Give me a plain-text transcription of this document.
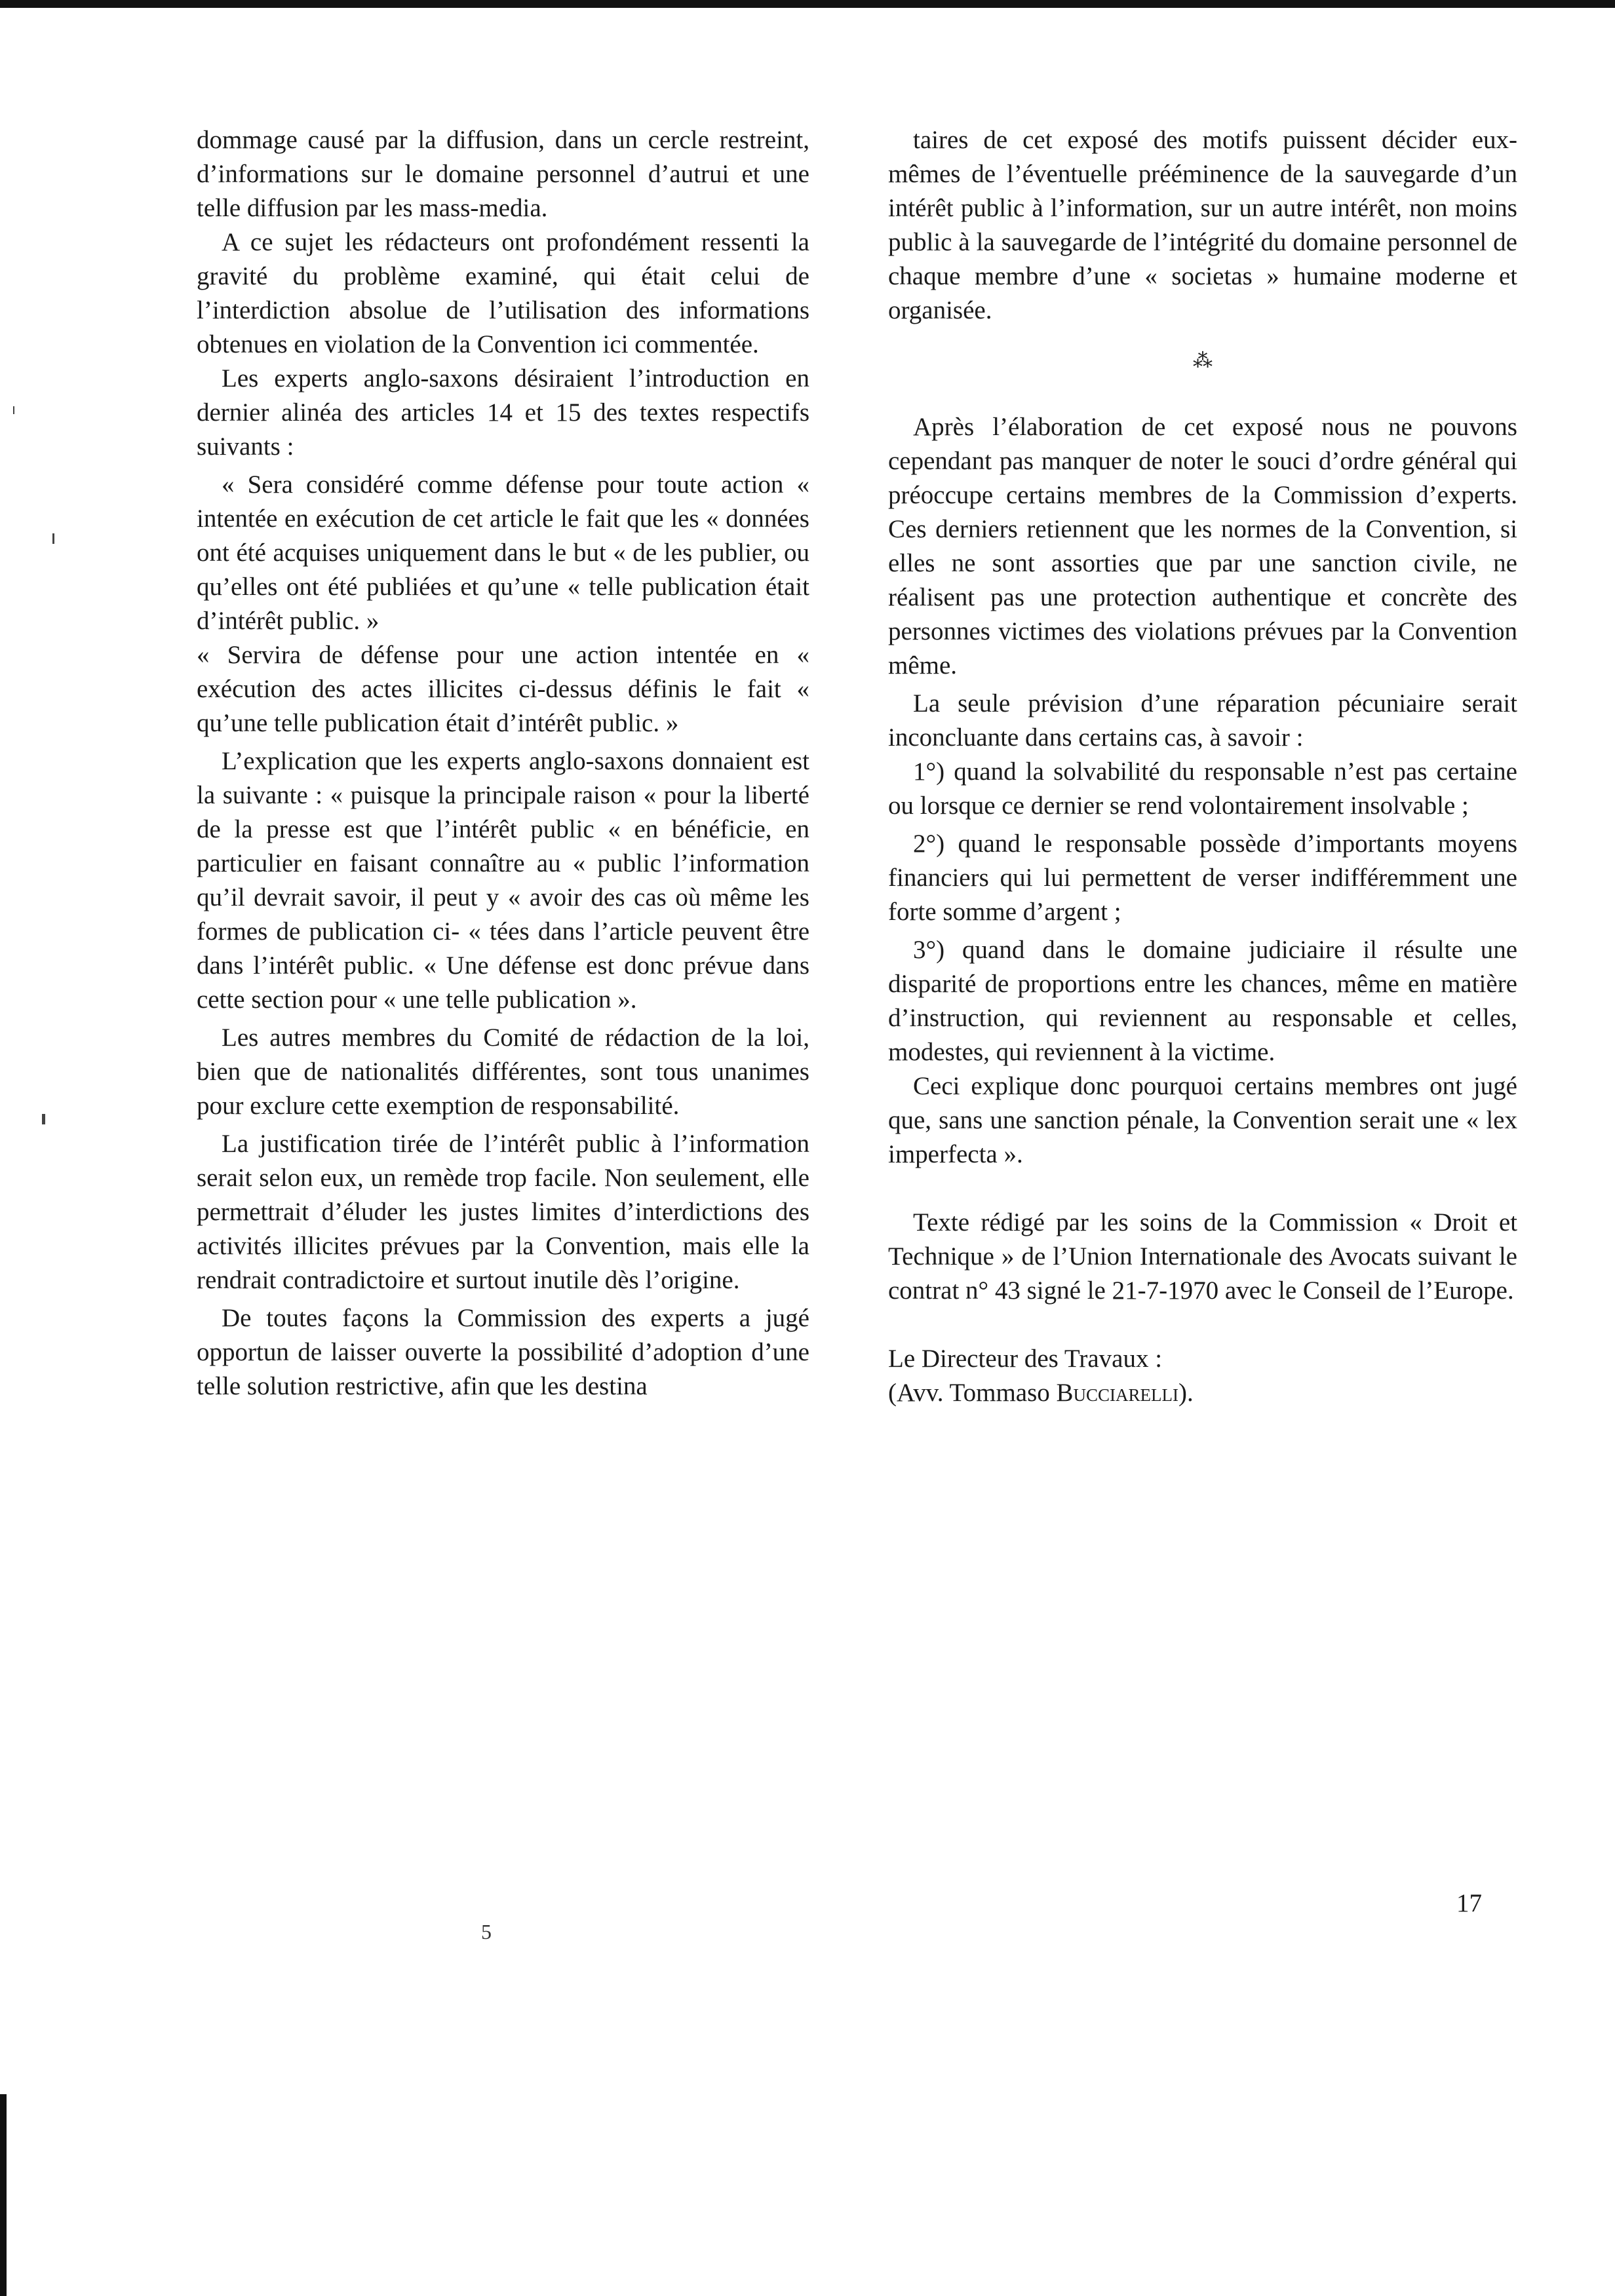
dommage causé par la diffusion, dans un cercle restreint, d’informations sur le domaine personnel d’autrui et une telle diffusion par les mass-media.

A ce sujet les rédacteurs ont profondément ressenti la gravité du problème examiné, qui était celui de l’interdiction absolue de l’utilisation des informations obtenues en violation de la Convention ici commentée.

Les experts anglo-saxons désiraient l’introduction en dernier alinéa des articles 14 et 15 des textes respectifs suivants :

« Sera considéré comme défense pour toute action « intentée en exécution de cet article le fait que les « données ont été acquises uniquement dans le but « de les publier, ou qu’elles ont été publiées et qu’une « telle publication était d’intérêt public. »

« Servira de défense pour une action intentée en « exécution des actes illicites ci-dessus définis le fait « qu’une telle publication était d’intérêt public. »

L’explication que les experts anglo-saxons donnaient est la suivante : « puisque la principale raison « pour la liberté de la presse est que l’intérêt public « en bénéficie, en particulier en faisant connaître au « public l’information qu’il devrait savoir, il peut y « avoir des cas où même les formes de publication ci- « tées dans l’article peuvent être dans l’intérêt public. « Une défense est donc prévue dans cette section pour « une telle publication ».

Les autres membres du Comité de rédaction de la loi, bien que de nationalités différentes, sont tous unanimes pour exclure cette exemption de responsabilité.

La justification tirée de l’intérêt public à l’information serait selon eux, un remède trop facile. Non seulement, elle permettrait d’éluder les justes limites d’interdictions des activités illicites prévues par la Convention, mais elle la rendrait contradictoire et surtout inutile dès l’origine.

De toutes façons la Commission des experts a jugé opportun de laisser ouverte la possibilité d’adoption d’une telle solution restrictive, afin que les destina

taires de cet exposé des motifs puissent décider eux-mêmes de l’éventuelle prééminence de la sauvegarde d’un intérêt public à l’information, sur un autre intérêt, non moins public à la sauvegarde de l’intégrité du domaine personnel de chaque membre d’une « societas » humaine moderne et organisée.

⁂

Après l’élaboration de cet exposé nous ne pouvons cependant pas manquer de noter le souci d’ordre général qui préoccupe certains membres de la Commission d’experts. Ces derniers retiennent que les normes de la Convention, si elles ne sont assorties que par une sanction civile, ne réalisent pas une protection authentique et concrète des personnes victimes des violations prévues par la Convention même.

La seule prévision d’une réparation pécuniaire serait inconcluante dans certains cas, à savoir :

1°) quand la solvabilité du responsable n’est pas certaine ou lorsque ce dernier se rend volontairement insolvable ;

2°) quand le responsable possède d’importants moyens financiers qui lui permettent de verser indifféremment une forte somme d’argent ;

3°) quand dans le domaine judiciaire il résulte une disparité de proportions entre les chances, même en matière d’instruction, qui reviennent au responsable et celles, modestes, qui reviennent à la victime.

Ceci explique donc pourquoi certains membres ont jugé que, sans une sanction pénale, la Convention serait une « lex imperfecta ».

Texte rédigé par les soins de la Commission « Droit et Technique » de l’Union Internationale des Avocats suivant le contrat n° 43 signé le 21-7-1970 avec le Conseil de l’Europe.

Le Directeur des Travaux :

(Avv. Tommaso Bucciarelli).

17
5
